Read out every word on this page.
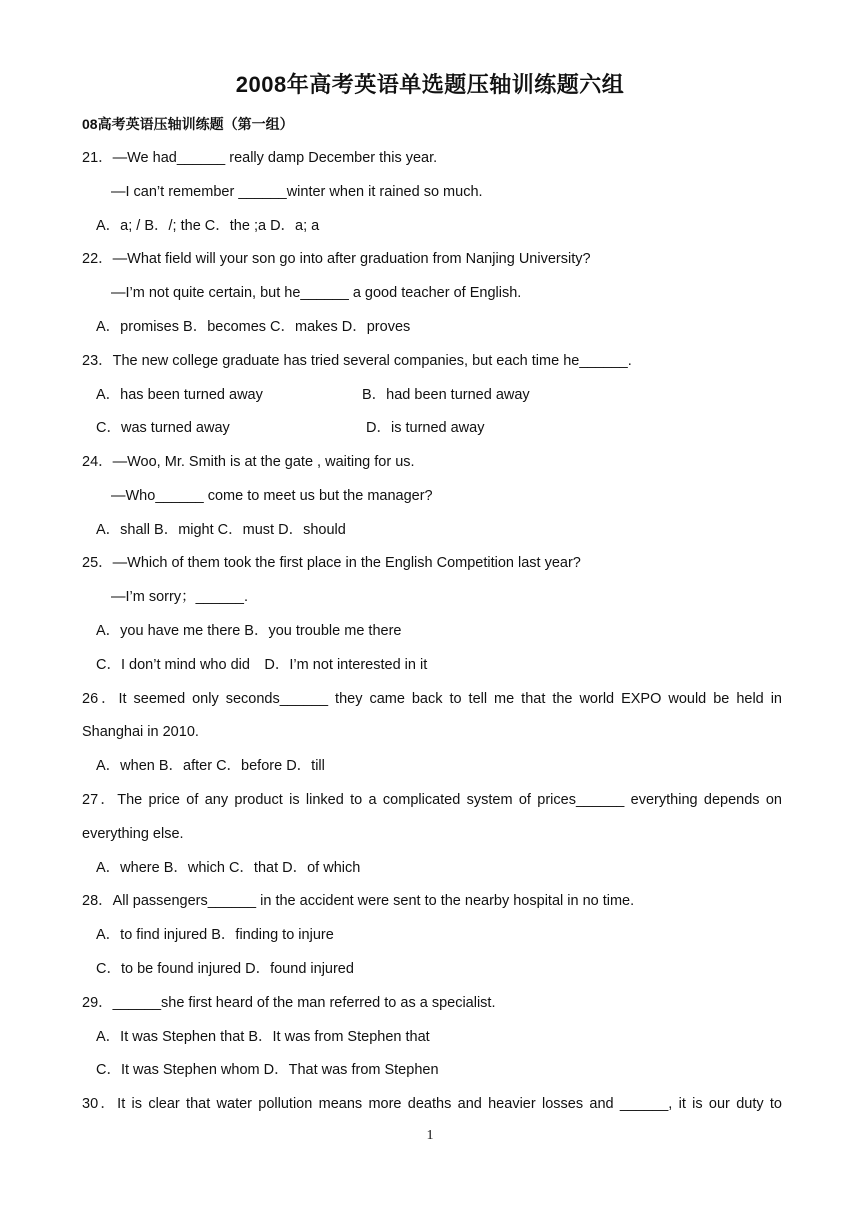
2008年高考英语单选题压轴训练题六组
08高考英语压轴训练题（第一组）
21．—We had______ really damp December this year.
—I can’t remember ______winter when it rained so much.
A．a; / B．/; the C．the ;a D．a; a
22．—What field will your son go into after graduation from Nanjing University?
—I’m not quite certain, but he______ a good teacher of English.
A．promises B．becomes C．makes D．proves
23．The new college graduate has tried several companies, but each time he______.
A．has been turned away	B．had been turned away
C．was turned away	D．is turned away
24．—Woo, Mr. Smith is at the gate , waiting for us.
—Who______ come to meet us but the manager?
A．shall B．might C．must D．should
25．—Which of them took the first place in the English Competition last year?
—I’m sorry；______.
A．you have me there B．you trouble me there
C．I don’t mind who did　D．I’m not interested in it
26．It seemed only seconds______ they came back to tell me that the world EXPO would be held in
Shanghai in 2010.
A．when B．after C．before D．till
27．The price of any product is linked to a complicated system of prices______ everything depends on
everything else.
A．where B．which C．that D．of which
28．All passengers______ in the accident were sent to the nearby hospital in no time.
A．to find injured B．finding to injure
C．to be found injured D．found injured
29．______she first heard of the man referred to as a specialist.
A．It was Stephen that B．It was from Stephen that
C．It was Stephen whom D．That was from Stephen
30．It is clear that water pollution means more deaths and heavier losses and ______, it is our duty to
1
